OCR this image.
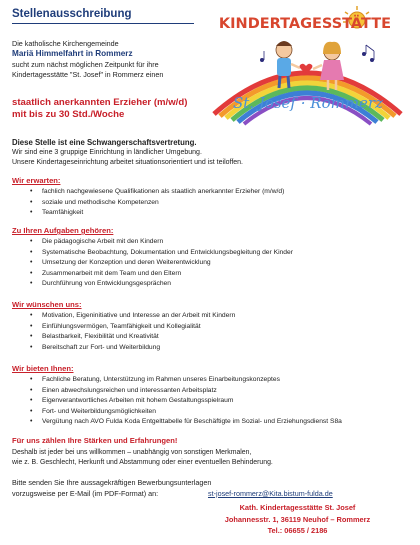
Stellenausschreibung
KINDERTAGESSTÄTTE
St. Josef · Rommerz
Die katholische Kirchengemeinde
Mariä Himmelfahrt in Rommerz
sucht zum nächst möglichen Zeitpunkt für ihre
Kindertagesstätte "St. Josef" in Rommerz einen
staatlich anerkannten Erzieher (m/w/d)
mit bis zu 30 Std./Woche
Diese Stelle ist eine Schwangerschaftsvertretung.
Wir sind eine 3 gruppige Einrichtung in ländlicher Umgebung.
Unsere Kindertageseinrichtung arbeitet situationsorientiert und ist teiloffen.
Wir erwarten:
• fachlich nachgewiesene Qualifikationen als staatlich anerkannter Erzieher (m/w/d)
• soziale und methodische Kompetenzen
• Teamfähigkeit
Zu Ihren Aufgaben gehören:
• Die pädagogische Arbeit mit den Kindern
• Systematische Beobachtung, Dokumentation und Entwicklungsbegleitung der Kinder
• Umsetzung der Konzeption und deren Weiterentwicklung
• Zusammenarbeit mit dem Team und den Eltern
• Durchführung von Entwicklungsgesprächen
Wir wünschen uns:
• Motivation, Eigeninitiative und Interesse an der Arbeit mit Kindern
• Einfühlungsvermögen, Teamfähigkeit und Kollegialität
• Belastbarkeit, Flexibilität und Kreativität
• Bereitschaft zur Fort- und Weiterbildung
Wir bieten Ihnen:
• Fachliche Beratung, Unterstützung im Rahmen unseres Einarbeitungskonzeptes
• Einen abwechslungsreichen und interessanten Arbeitsplatz
• Eigenverantwortliches Arbeiten mit hohem Gestaltungsspielraum
• Fort- und Weiterbildungsmöglichkeiten
• Vergütung nach AVO Fulda Koda Entgelttabelle für Beschäftigte im Sozial- und Erziehungsdienst S8a
Für uns zählen Ihre Stärken und Erfahrungen!
Deshalb ist jeder bei uns willkommen – unabhängig von sonstigen Merkmalen,
wie z. B. Geschlecht, Herkunft und Abstammung oder einer eventuellen Behinderung.
Bitte senden Sie Ihre aussagekräftigen Bewerbungsunterlagen
vorzugsweise per E-Mail (im PDF-Format) an:	st-josef-rommerz@Kita.bistum-fulda.de
Kath. Kindertagesstätte St. Josef
Johannesstr. 1, 36119 Neuhof – Rommerz
Tel.: 06655 / 2186
